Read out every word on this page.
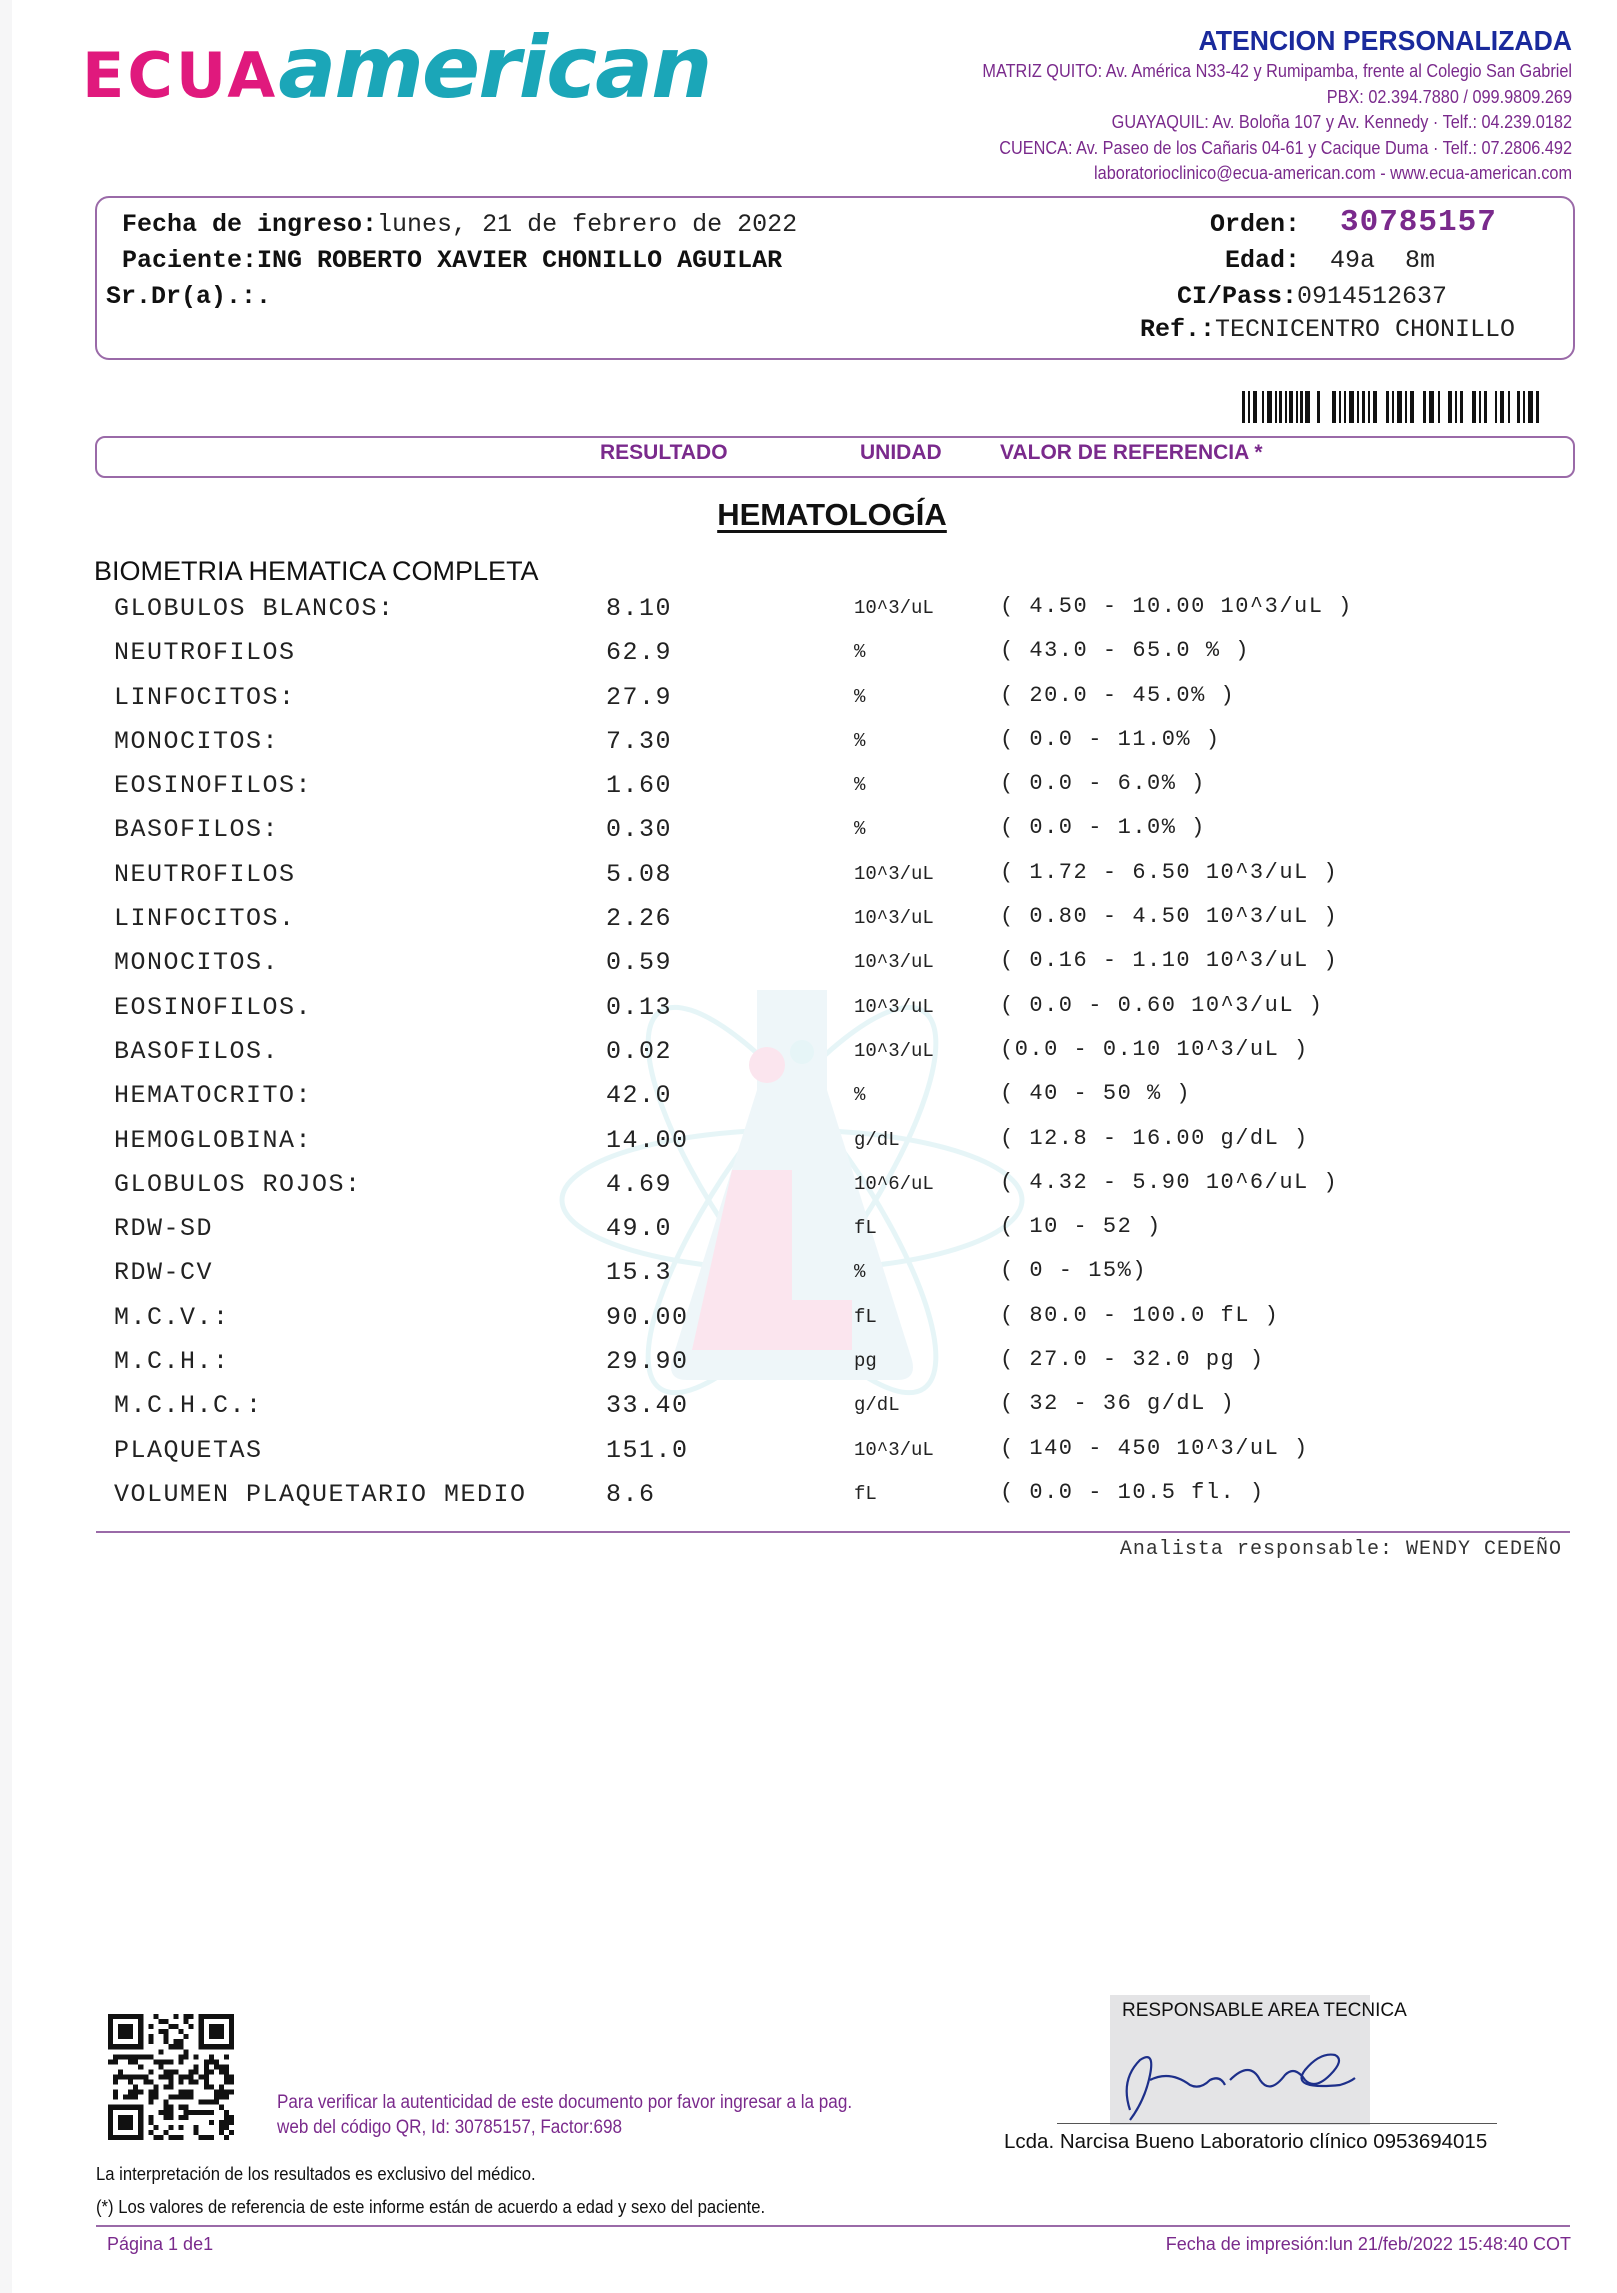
ECUAamerican	ATENCION PERSONALIZADA
MATRIZ QUITO: Av. América N33-42 y Rumipamba, frente al Colegio San Gabriel
PBX: 02.394.7880 / 099.9809.269
GUAYAQUIL: Av. Boloña 107 y Av. Kennedy · Telf.: 04.239.0182
CUENCA: Av. Paseo de los Cañaris 04-61 y Cacique Duma · Telf.: 07.2806.492
laboratorioclinico@ecua-american.com - www.ecua-american.com
Fecha de ingreso:lunes, 21 de febrero de 2022
Paciente:ING ROBERTO XAVIER CHONILLO AGUILAR
Sr.Dr(a).:.
Orden: 30785157
Edad: 49a  8m
CI/Pass:0914512637
Ref.:TECNICENTRO CHONILLO
RESULTADO	UNIDAD	VALOR DE REFERENCIA *
HEMATOLOGÍA
BIOMETRIA HEMATICA COMPLETA
GLOBULOS BLANCOS:	8.10	10^3/uL	( 4.50 - 10.00 10^3/uL )
NEUTROFILOS	62.9	%	( 43.0 - 65.0 % )
LINFOCITOS:	27.9	%	( 20.0 - 45.0% )
MONOCITOS:	7.30	%	( 0.0 - 11.0% )
EOSINOFILOS:	1.60	%	( 0.0 - 6.0% )
BASOFILOS:	0.30	%	( 0.0 - 1.0% )
NEUTROFILOS	5.08	10^3/uL	( 1.72 - 6.50 10^3/uL )
LINFOCITOS.	2.26	10^3/uL	( 0.80 - 4.50 10^3/uL )
MONOCITOS.	0.59	10^3/uL	( 0.16 - 1.10 10^3/uL )
EOSINOFILOS.	0.13	10^3/uL	( 0.0 - 0.60 10^3/uL )
BASOFILOS.	0.02	10^3/uL	(0.0 - 0.10 10^3/uL )
HEMATOCRITO:	42.0	%	( 40 - 50 % )
HEMOGLOBINA:	14.00	g/dL	( 12.8 - 16.00 g/dL )
GLOBULOS ROJOS:	4.69	10^6/uL	( 4.32 - 5.90 10^6/uL )
RDW-SD	49.0	fL	( 10 - 52 )
RDW-CV	15.3	%	( 0 - 15%)
M.C.V.:	90.00	fL	( 80.0 - 100.0 fL )
M.C.H.:	29.90	pg	( 27.0 - 32.0 pg )
M.C.H.C.:	33.40	g/dL	( 32 - 36 g/dL )
PLAQUETAS	151.0	10^3/uL	( 140 - 450 10^3/uL )
VOLUMEN PLAQUETARIO MEDIO	8.6	fL	( 0.0 - 10.5 fl. )
Analista responsable: WENDY CEDEÑO
Para verificar la autenticidad de este documento por favor ingresar a la pag.
web del código QR, Id: 30785157, Factor:698
RESPONSABLE AREA TECNICA
Lcda. Narcisa Bueno Laboratorio clínico 0953694015
La interpretación de los resultados es exclusivo del médico.
(*) Los valores de referencia de este informe están de acuerdo a edad y sexo del paciente.
Página 1 de1	Fecha de impresión:lun 21/feb/2022 15:48:40 COT
